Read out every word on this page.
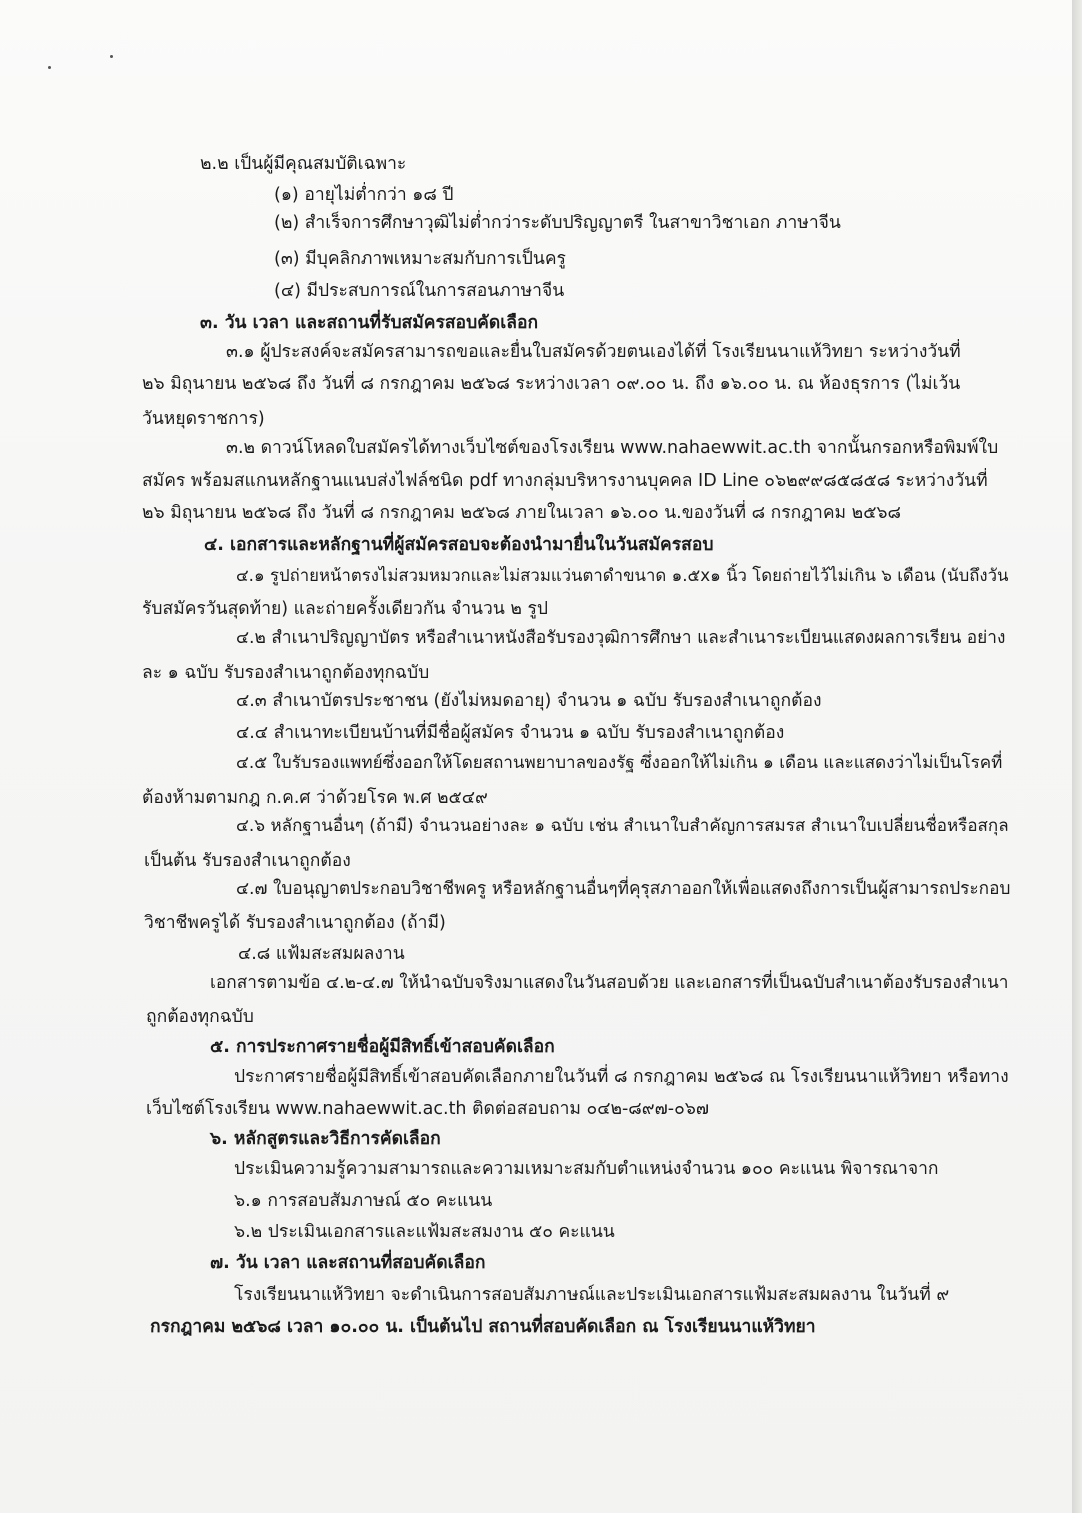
๒.๒ เป็นผู้มีคุณสมบัติเฉพาะ
(๑) อายุไม่ต่ำกว่า ๑๘ ปี
(๒) สำเร็จการศึกษาวุฒิไม่ต่ำกว่าระดับปริญญาตรี ในสาขาวิชาเอก ภาษาจีน
(๓) มีบุคลิกภาพเหมาะสมกับการเป็นครู
(๔) มีประสบการณ์ในการสอนภาษาจีน
๓. วัน เวลา และสถานที่รับสมัครสอบคัดเลือก
๓.๑ ผู้ประสงค์จะสมัครสามารถขอและยื่นใบสมัครด้วยตนเองได้ที่ โรงเรียนนาแห้วิทยา ระหว่างวันที่
๒๖ มิถุนายน ๒๕๖๘ ถึง วันที่ ๘ กรกฎาคม ๒๕๖๘ ระหว่างเวลา ๐๙.๐๐ น. ถึง ๑๖.๐๐ น. ณ ห้องธุรการ (ไม่เว้น
วันหยุดราชการ)
๓.๒ ดาวน์โหลดใบสมัครได้ทางเว็บไซต์ของโรงเรียน www.nahaewwit.ac.th จากนั้นกรอกหรือพิมพ์ใบ
สมัคร พร้อมสแกนหลักฐานแนบส่งไฟล์ชนิด pdf ทางกลุ่มบริหารงานบุคคล ID Line ๐๖๒๙๙๘๕๘๕๘ ระหว่างวันที่
๒๖ มิถุนายน ๒๕๖๘ ถึง วันที่ ๘ กรกฎาคม ๒๕๖๘ ภายในเวลา ๑๖.๐๐ น.ของวันที่ ๘ กรกฎาคม ๒๕๖๘
๔. เอกสารและหลักฐานที่ผู้สมัครสอบจะต้องนำมายื่นในวันสมัครสอบ
๔.๑ รูปถ่ายหน้าตรงไม่สวมหมวกและไม่สวมแว่นตาดำขนาด ๑.๕x๑ นิ้ว โดยถ่ายไว้ไม่เกิน ๖ เดือน (นับถึงวัน
รับสมัครวันสุดท้าย) และถ่ายครั้งเดียวกัน จำนวน ๒ รูป
๔.๒ สำเนาปริญญาบัตร หรือสำเนาหนังสือรับรองวุฒิการศึกษา และสำเนาระเบียนแสดงผลการเรียน อย่าง
ละ ๑ ฉบับ รับรองสำเนาถูกต้องทุกฉบับ
๔.๓ สำเนาบัตรประชาชน (ยังไม่หมดอายุ) จำนวน ๑ ฉบับ รับรองสำเนาถูกต้อง
๔.๔ สำเนาทะเบียนบ้านที่มีชื่อผู้สมัคร จำนวน ๑ ฉบับ รับรองสำเนาถูกต้อง
๔.๕ ใบรับรองแพทย์ซึ่งออกให้โดยสถานพยาบาลของรัฐ ซึ่งออกให้ไม่เกิน ๑ เดือน และแสดงว่าไม่เป็นโรคที่
ต้องห้ามตามกฎ ก.ค.ศ ว่าด้วยโรค พ.ศ ๒๕๔๙
๔.๖ หลักฐานอื่นๆ (ถ้ามี) จำนวนอย่างละ ๑ ฉบับ เช่น สำเนาใบสำคัญการสมรส สำเนาใบเปลี่ยนชื่อหรือสกุล
เป็นต้น รับรองสำเนาถูกต้อง
๔.๗ ใบอนุญาตประกอบวิชาชีพครู หรือหลักฐานอื่นๆที่คุรุสภาออกให้เพื่อแสดงถึงการเป็นผู้สามารถประกอบ
วิชาชีพครูได้ รับรองสำเนาถูกต้อง (ถ้ามี)
๔.๘ แฟ้มสะสมผลงาน
เอกสารตามข้อ ๔.๒-๔.๗ ให้นำฉบับจริงมาแสดงในวันสอบด้วย และเอกสารที่เป็นฉบับสำเนาต้องรับรองสำเนา
ถูกต้องทุกฉบับ
๕. การประกาศรายชื่อผู้มีสิทธิ์เข้าสอบคัดเลือก
ประกาศรายชื่อผู้มีสิทธิ์เข้าสอบคัดเลือกภายในวันที่ ๘ กรกฎาคม ๒๕๖๘ ณ โรงเรียนนาแห้วิทยา หรือทาง
เว็บไซต์โรงเรียน www.nahaewwit.ac.th ติดต่อสอบถาม ๐๔๒-๘๙๗-๐๖๗
๖. หลักสูตรและวิธีการคัดเลือก
ประเมินความรู้ความสามารถและความเหมาะสมกับตำแหน่งจำนวน ๑๐๐ คะแนน พิจารณาจาก
๖.๑ การสอบสัมภาษณ์ ๕๐ คะแนน
๖.๒ ประเมินเอกสารและแฟ้มสะสมงาน ๕๐ คะแนน
๗. วัน เวลา และสถานที่สอบคัดเลือก
โรงเรียนนาแห้วิทยา จะดำเนินการสอบสัมภาษณ์และประเมินเอกสารแฟ้มสะสมผลงาน ในวันที่ ๙
กรกฎาคม ๒๕๖๘ เวลา ๑๐.๐๐ น. เป็นต้นไป สถานที่สอบคัดเลือก ณ โรงเรียนนาแห้วิทยา
